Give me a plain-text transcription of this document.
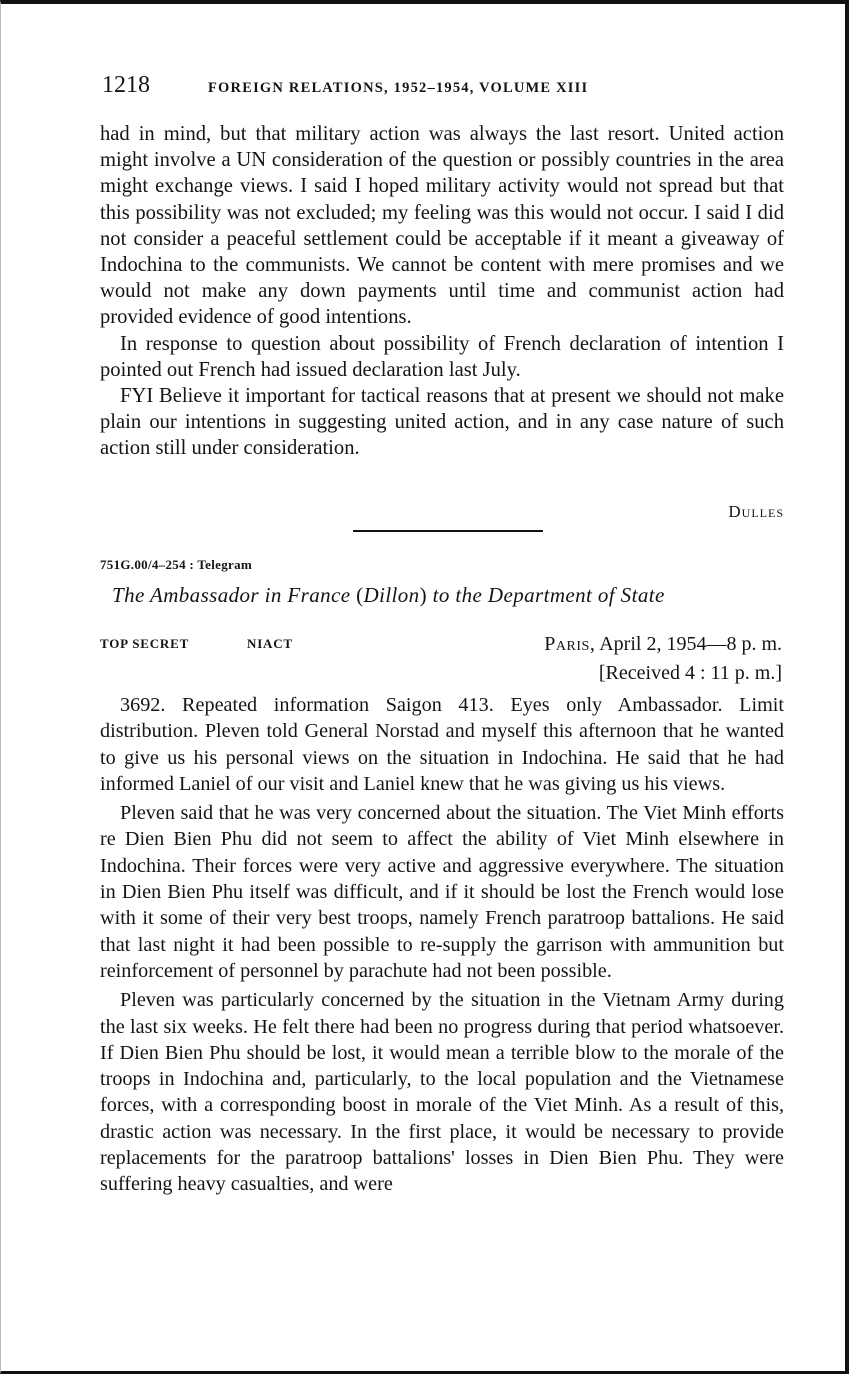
1218	FOREIGN RELATIONS, 1952–1954, VOLUME XIII

had in mind, but that military action was always the last resort. United action might involve a UN consideration of the question or possibly countries in the area might exchange views. I said I hoped military activity would not spread but that this possibility was not excluded; my feeling was this would not occur. I said I did not consider a peaceful settlement could be acceptable if it meant a giveaway of Indochina to the communists. We cannot be content with mere promises and we would not make any down payments until time and communist action had provided evidence of good intentions.

In response to question about possibility of French declaration of intention I pointed out French had issued declaration last July.

FYI Believe it important for tactical reasons that at present we should not make plain our intentions in suggesting united action, and in any case nature of such action still under consideration.

Dulles
751G.00/4–254 : Telegram
The Ambassador in France (Dillon) to the Department of State
TOP SECRET	NIACT	Paris, April 2, 1954—8 p. m.
[Received 4 : 11 p. m.]

3692. Repeated information Saigon 413. Eyes only Ambassador. Limit distribution. Pleven told General Norstad and myself this afternoon that he wanted to give us his personal views on the situation in Indochina. He said that he had informed Laniel of our visit and Laniel knew that he was giving us his views.

Pleven said that he was very concerned about the situation. The Viet Minh efforts re Dien Bien Phu did not seem to affect the ability of Viet Minh elsewhere in Indochina. Their forces were very active and aggressive everywhere. The situation in Dien Bien Phu itself was difficult, and if it should be lost the French would lose with it some of their very best troops, namely French paratroop battalions. He said that last night it had been possible to re-supply the garrison with ammunition but reinforcement of personnel by parachute had not been possible.

Pleven was particularly concerned by the situation in the Vietnam Army during the last six weeks. He felt there had been no progress during that period whatsoever. If Dien Bien Phu should be lost, it would mean a terrible blow to the morale of the troops in Indochina and, particularly, to the local population and the Vietnamese forces, with a corresponding boost in morale of the Viet Minh. As a result of this, drastic action was necessary. In the first place, it would be necessary to provide replacements for the paratroop battalions' losses in Dien Bien Phu. They were suffering heavy casualties, and were
